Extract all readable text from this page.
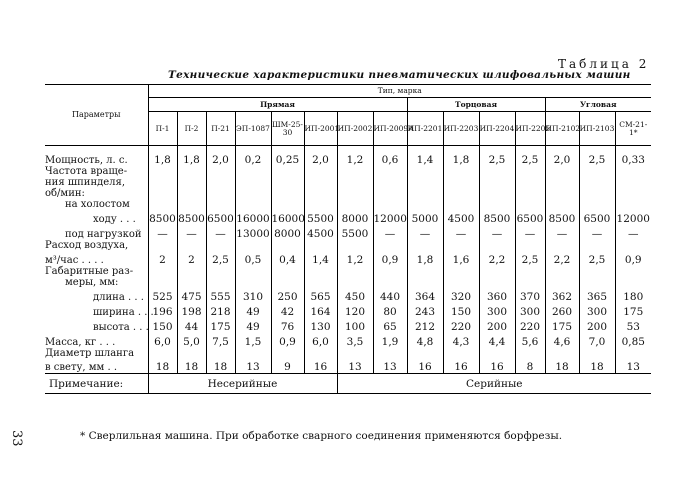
33
Таблица 2
Технические характеристики пневматических шлифовальных машин
Параметры	Тип, марка														
	Прямая								Торцовая				Угловая		
	П-1	П-2	П-21	ЭП-1087	ШМ-25-30	ИП-2001	ИП-2002	ИП-2009А	ИП-2201	ИП-2203	ИП-2204	ИП-2205	ИП-2102	ИП-2103	СМ-21-1*
Мощность, л. с.	1,8	1,8	2,0	0,2	0,25	2,0	1,2	0,6	1,4	1,8	2,5	2,5	2,0	2,5	0,33
Частота враще-															
ния шпинделя,															
об/мин:															
на холостом															
ходу . . .	8500	8500	6500	16000	16000	5500	8000	12000	5000	4500	8500	6500	8500	6500	12000
под нагрузкой	—	—	—	13000	8000	4500	5500	—	—	—	—	—	—	—	—
Расход воздуха,															
м³/час . . . .	2	2	2,5	0,5	0,4	1,4	1,2	0,9	1,8	1,6	2,2	2,5	2,2	2,5	0,9
Габаритные раз-															
меры, мм:															
длина . . .	525	475	555	310	250	565	450	440	364	320	360	370	362	365	180
ширина . . .	196	198	218	49	42	164	120	80	243	150	300	300	260	300	175
высота . . .	150	44	175	49	76	130	100	65	212	220	200	220	175	200	53
Масса, кг . . .	6,0	5,0	7,5	1,5	0,9	6,0	3,5	1,9	4,8	4,3	4,4	5,6	4,6	7,0	0,85
Диаметр шланга															
в свету, мм . .	18	18	18	13	9	16	13	13	16	16	16	8	18	18	13
Примечание:	Несерийные						Серийные								
* Сверлильная машина. При обработке сварного соединения применяются борфрезы.
